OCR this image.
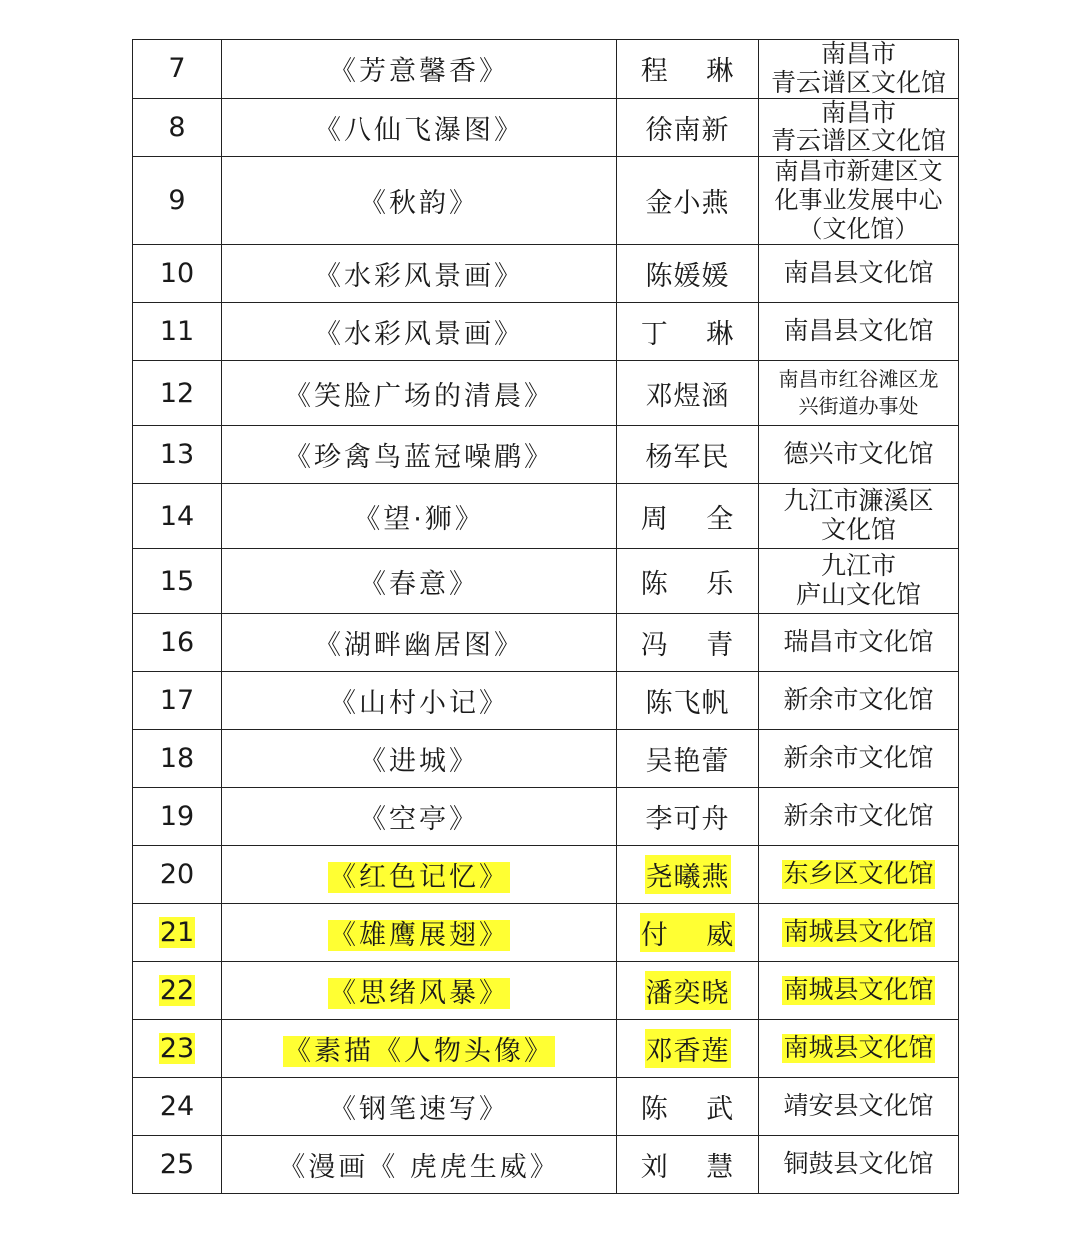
7	《芳意馨香》	程　 琳	南昌市
青云谱区文化馆
8	《八仙飞瀑图》	徐南新	南昌市
青云谱区文化馆
9	《秋韵》	金小燕	南昌市新建区文
化事业发展中心
（文化馆）
10	《水彩风景画》	陈媛媛	南昌县文化馆
11	《水彩风景画》	丁　 琳	南昌县文化馆
12	《笑脸广场的清晨》	邓煜涵	南昌市红谷滩区龙
兴街道办事处
13	《珍禽鸟蓝冠噪鹛》	杨军民	德兴市文化馆
14	《望·狮》	周　 全	九江市濂溪区
文化馆
15	《春意》	陈　 乐	九江市
庐山文化馆
16	《湖畔幽居图》	冯　 青	瑞昌市文化馆
17	《山村小记》	陈飞帆	新余市文化馆
18	《进城》	吴艳蕾	新余市文化馆
19	《空亭》	李可舟	新余市文化馆
20	《红色记忆》	尧曦燕	东乡区文化馆
21	《雄鹰展翅》	付　 威	南城县文化馆
22	《思绪风暴》	潘奕晓	南城县文化馆
23	《素描《人物头像》	邓香莲	南城县文化馆
24	《钢笔速写》	陈　 武	靖安县文化馆
25	《漫画《 虎虎生威》	刘　 慧	铜鼓县文化馆
